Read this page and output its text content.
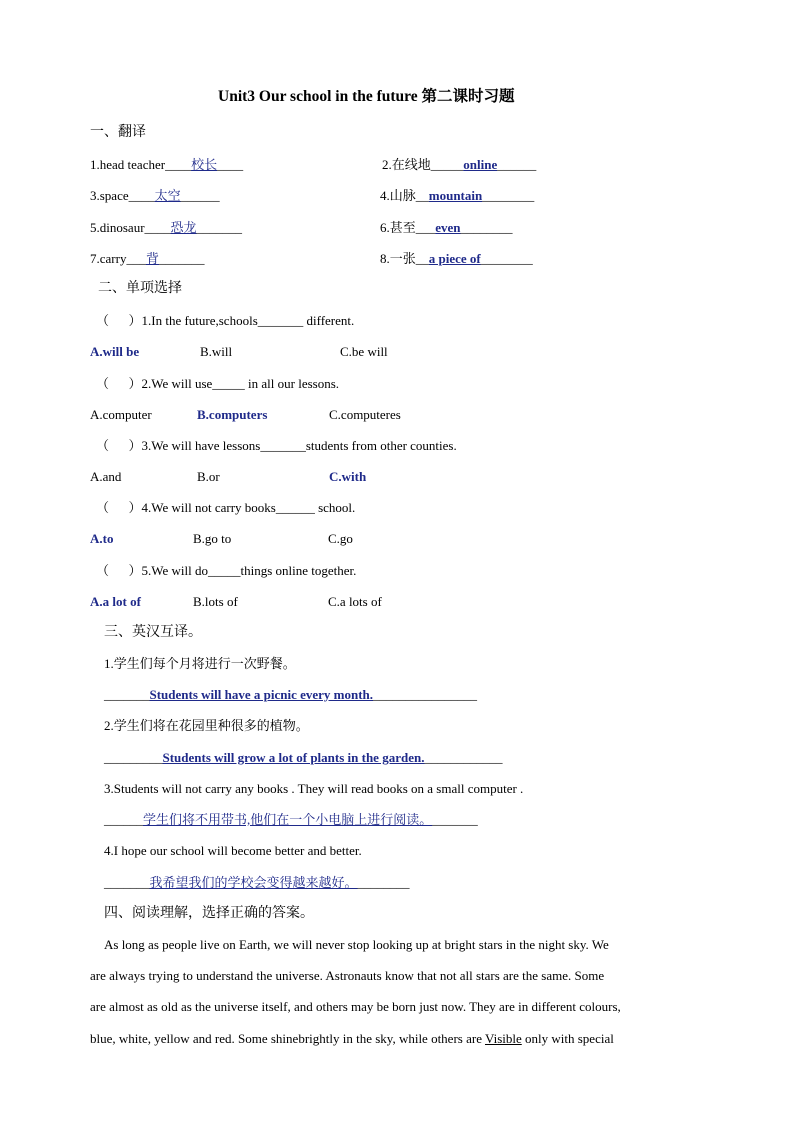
Unit3 Our school in the future 第二课时习题
一、翻译
1.head teacher____校长____	2.在线地_____online______
3.space____太空______	4.山脉__mountain________
5.dinosaur____恐龙_______	6.甚至___even________
7.carry___背_______	8.一张__a piece of________
二、单项选择
（      ）1.In the future,schools_______ different.
A.will be	B.will	C.be will
（      ）2.We will use_____ in all our lessons.
A.computer	B.computers	C.computeres
（      ）3.We will have lessons_______students from other counties.
A.and	B.or	C.with
（      ）4.We will not carry books______ school.
A.to	B.go to	C.go
（      ）5.We will do_____things online together.
A.a lot of	B.lots of	C.a lots of
三、英汉互译。
1.学生们每个月将进行一次野餐。
_______Students will have a picnic every month.________________
2.学生们将在花园里种很多的植物。
_________Students will grow a lot of plants in the garden.____________
3.Students will not carry any books . They will read books on a small computer .
______学生们将不用带书,他们在一个小电脑上进行阅读。_______
4.I hope our school will become better and better.
_______我希望我们的学校会变得越来越好。________
四、阅读理解，选择正确的答案。
As long as people live on Earth, we will never stop looking up at bright stars in the night sky. We
are always trying to understand the universe. Astronauts know that not all stars are the same. Some
are almost as old as the universe itself, and others may be born just now. They are in different colours,
blue, white, yellow and red. Some shinebrightly in the sky, while others are Visible only with special
